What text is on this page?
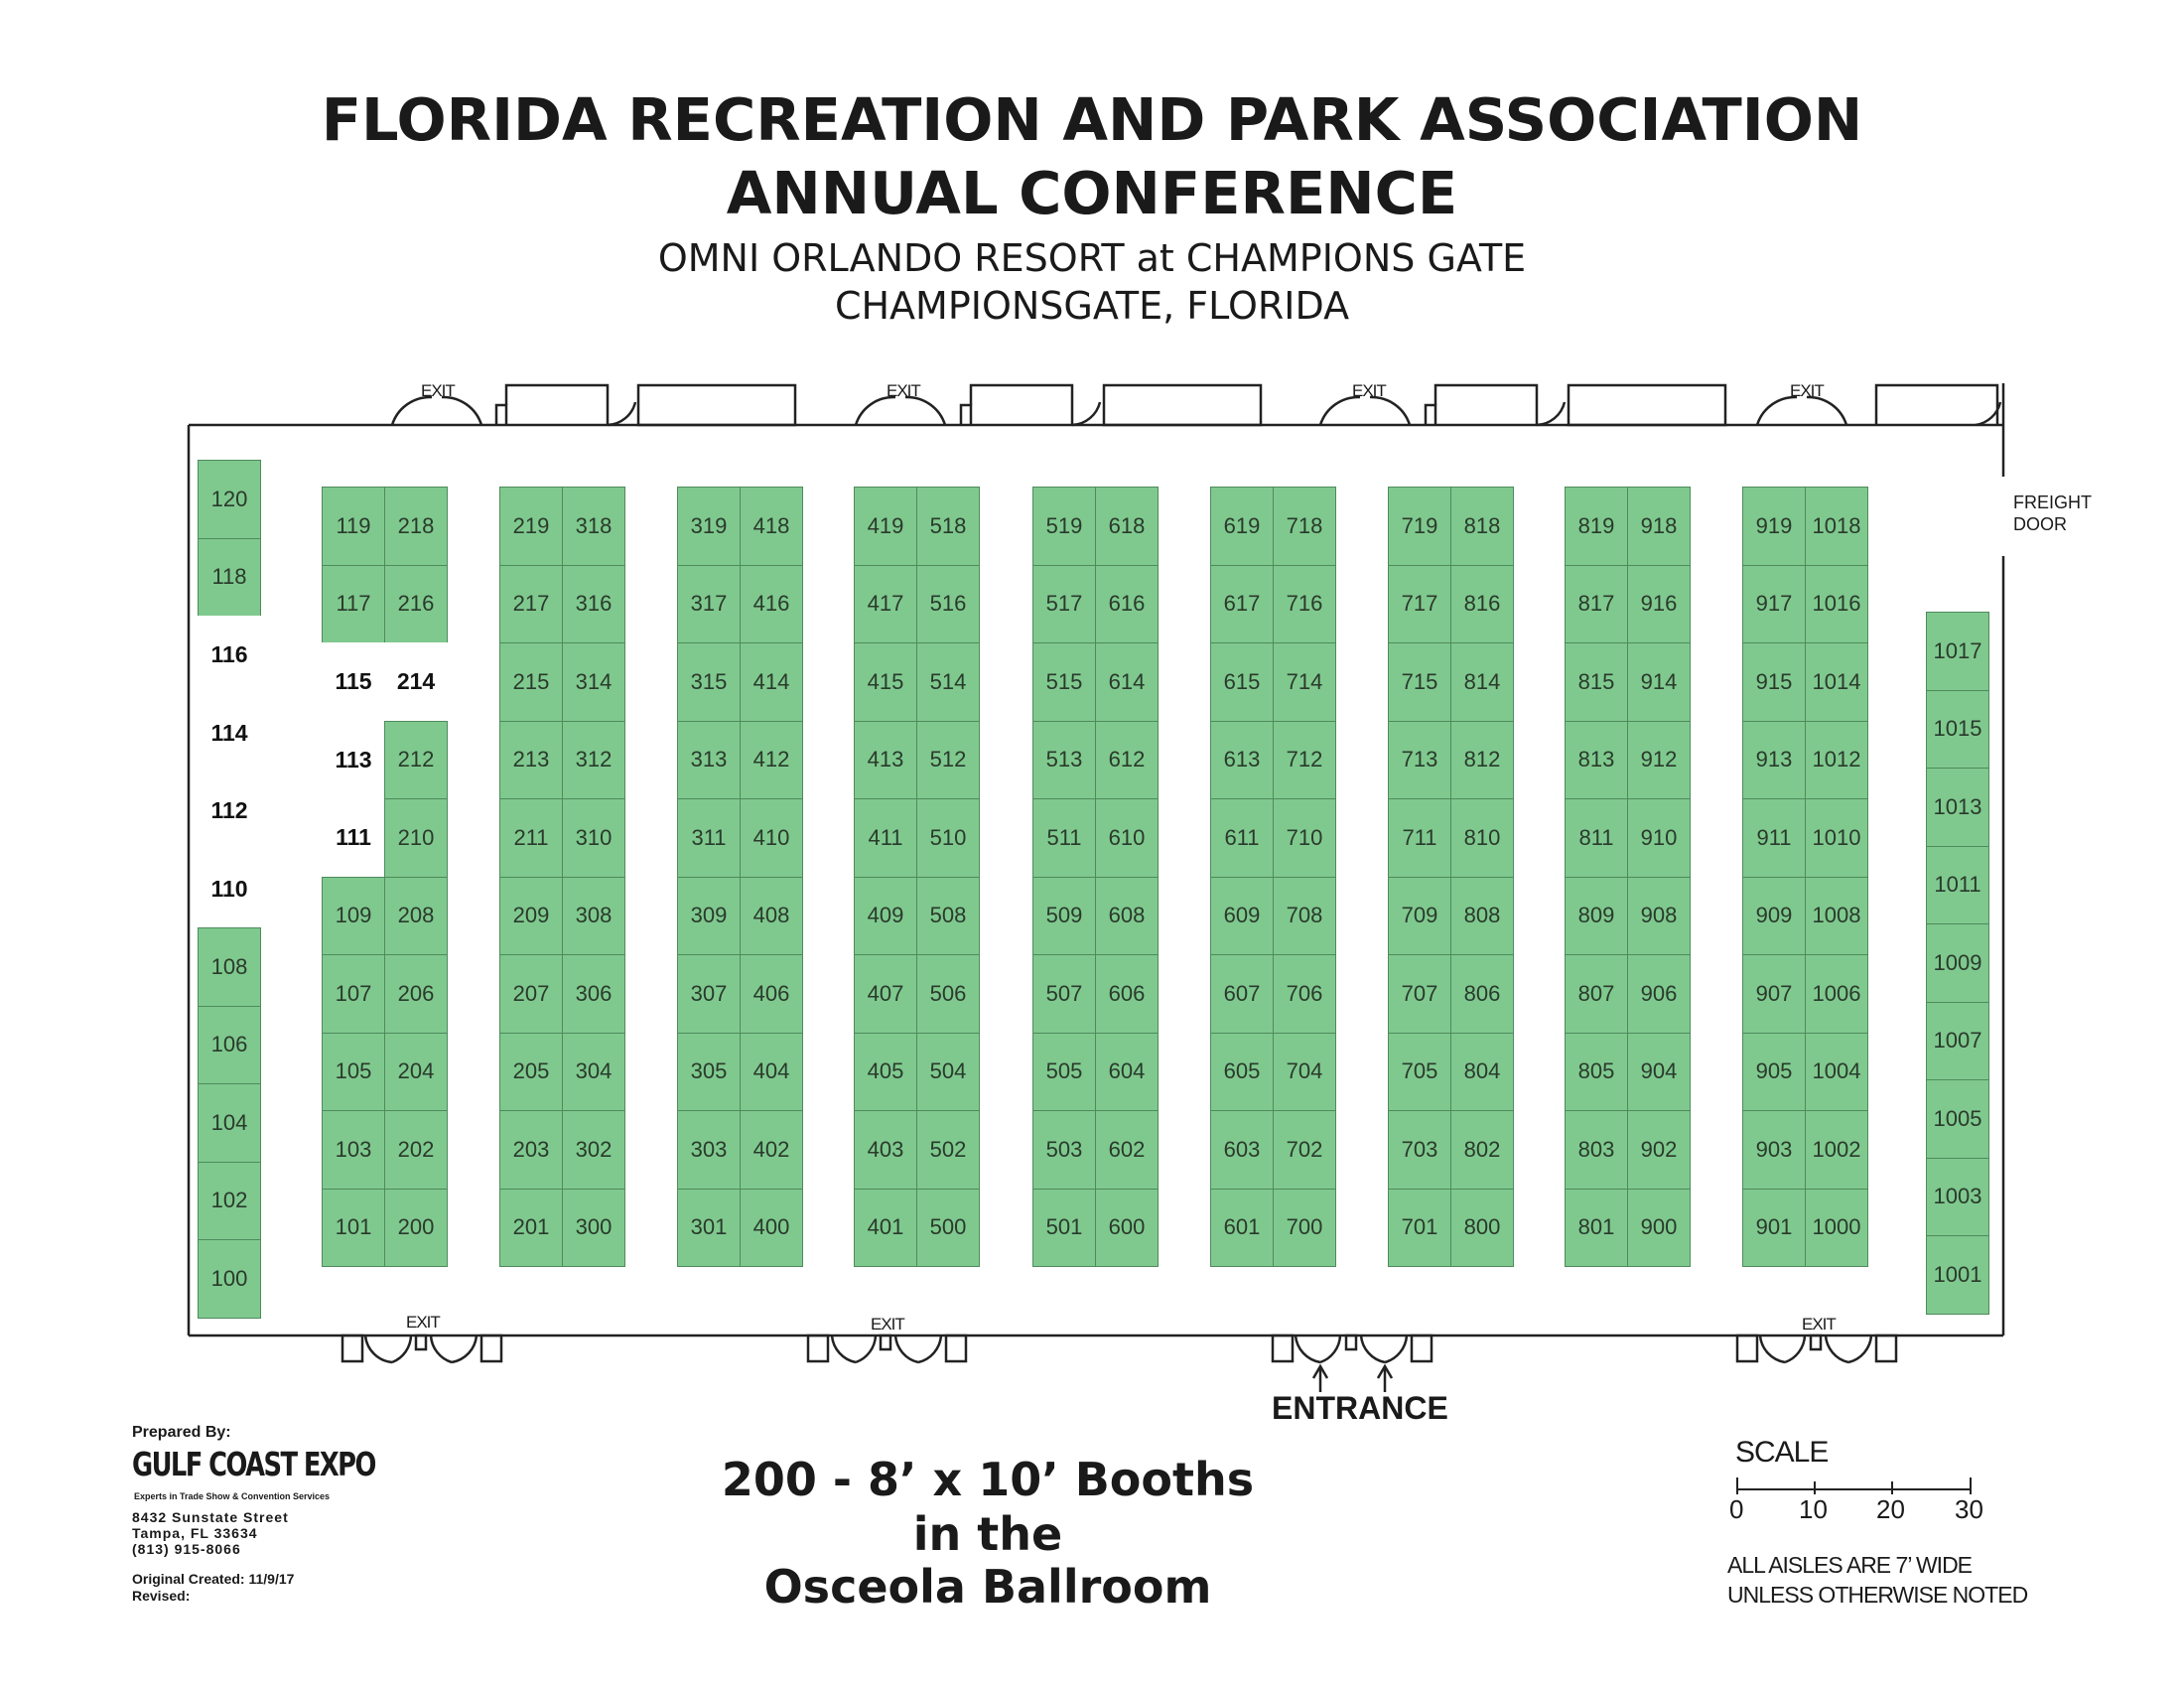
FLORIDA RECREATION AND PARK ASSOCIATION
ANNUAL CONFERENCE
OMNI ORLANDO RESORT at CHAMPIONS GATE
CHAMPIONSGATE, FLORIDA
120
118
116
114
112
110
108
106
104
102
100
119	218
117	216
115	214
113	212
111	210
109	208
107	206
105	204
103	202
101	200
219	318
217	316
215	314
213	312
211	310
209	308
207	306
205	304
203	302
201	300
319	418
317	416
315	414
313	412
311	410
309	408
307	406
305	404
303	402
301	400
419	518
417	516
415	514
413	512
411	510
409	508
407	506
405	504
403	502
401	500
519	618
517	616
515	614
513	612
511	610
509	608
507	606
505	604
503	602
501	600
619	718
617	716
615	714
613	712
611	710
609	708
607	706
605	704
603	702
601	700
719	818
717	816
715	814
713	812
711	810
709	808
707	806
705	804
703	802
701	800
819	918
817	916
815	914
813	912
811	910
809	908
807	906
805	904
803	902
801	900
919 1018
917 1016
915 1014
913 1012
911 1010
909 1008
907 1006
905 1004
903 1002
901 1000
1017
1015
1013
1011
1009
1007
1005
1003
1001
EXIT	EXIT	EXIT	EXIT
EXIT	EXIT	EXIT
FREIGHT
DOOR
ENTRANCE
Prepared By:
GULF COAST EXPO
Experts in Trade Show & Convention Services
8432 Sunstate Street
Tampa, FL 33634
(813) 915-8066
Original Created: 11/9/17
Revised:
200 - 8’ x 10’ Booths
in the
Osceola Ballroom
SCALE
0 10 20 30
ALL AISLES ARE 7’ WIDE
UNLESS OTHERWISE NOTED
